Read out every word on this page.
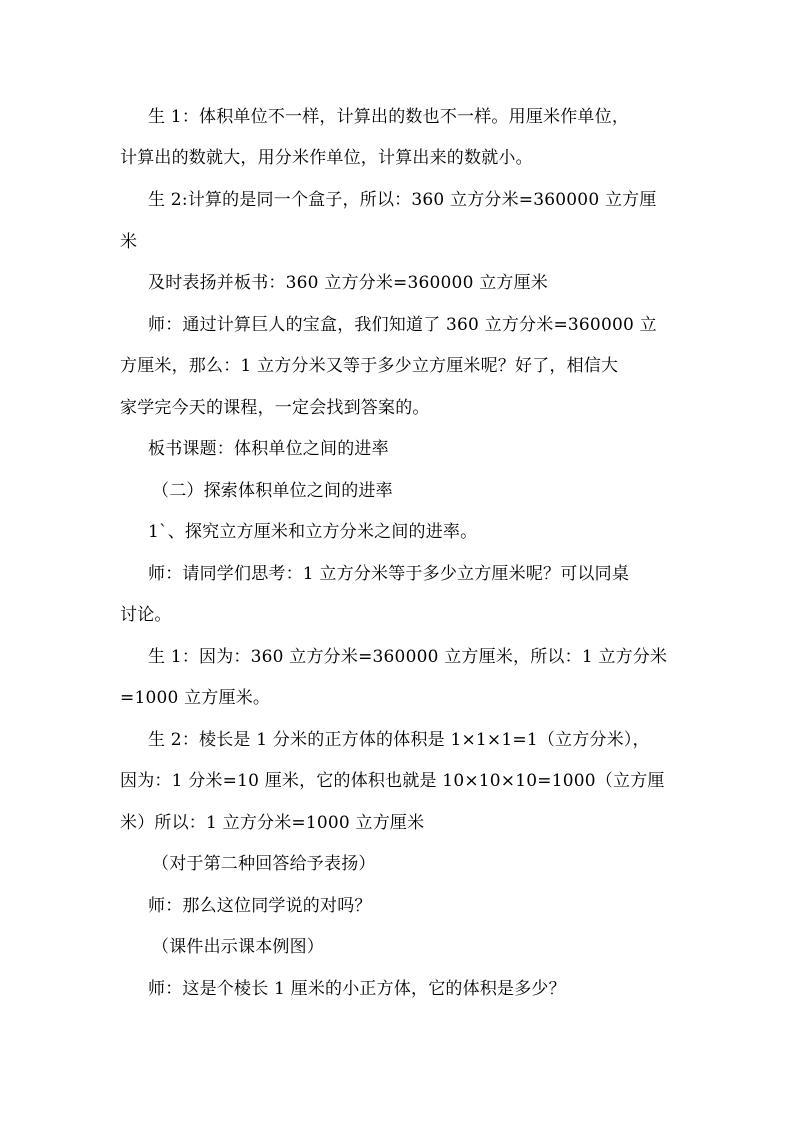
生 1：体积单位不一样，计算出的数也不一样。用厘米作单位，
计算出的数就大，用分米作单位，计算出来的数就小。
生 2:计算的是同一个盒子，所以：360 立方分米=360000 立方厘
米
及时表扬并板书：360 立方分米=360000 立方厘米
师：通过计算巨人的宝盒，我们知道了 360 立方分米=360000 立
方厘米，那么：1 立方分米又等于多少立方厘米呢？好了，相信大
家学完今天的课程，一定会找到答案的。
板书课题：体积单位之间的进率
（二）探索体积单位之间的进率
1`、探究立方厘米和立方分米之间的进率。
师：请同学们思考：1 立方分米等于多少立方厘米呢？可以同桌
讨论。
生 1：因为：360 立方分米=360000 立方厘米，所以：1 立方分米
=1000 立方厘米。
生 2：棱长是 1 分米的正方体的体积是 1×1×1=1（立方分米），
因为：1 分米=10 厘米，它的体积也就是 10×10×10=1000（立方厘
米）所以：1 立方分米=1000 立方厘米
（对于第二种回答给予表扬）
师：那么这位同学说的对吗？
（课件出示课本例图）
师：这是个棱长 1 厘米的小正方体，它的体积是多少？
